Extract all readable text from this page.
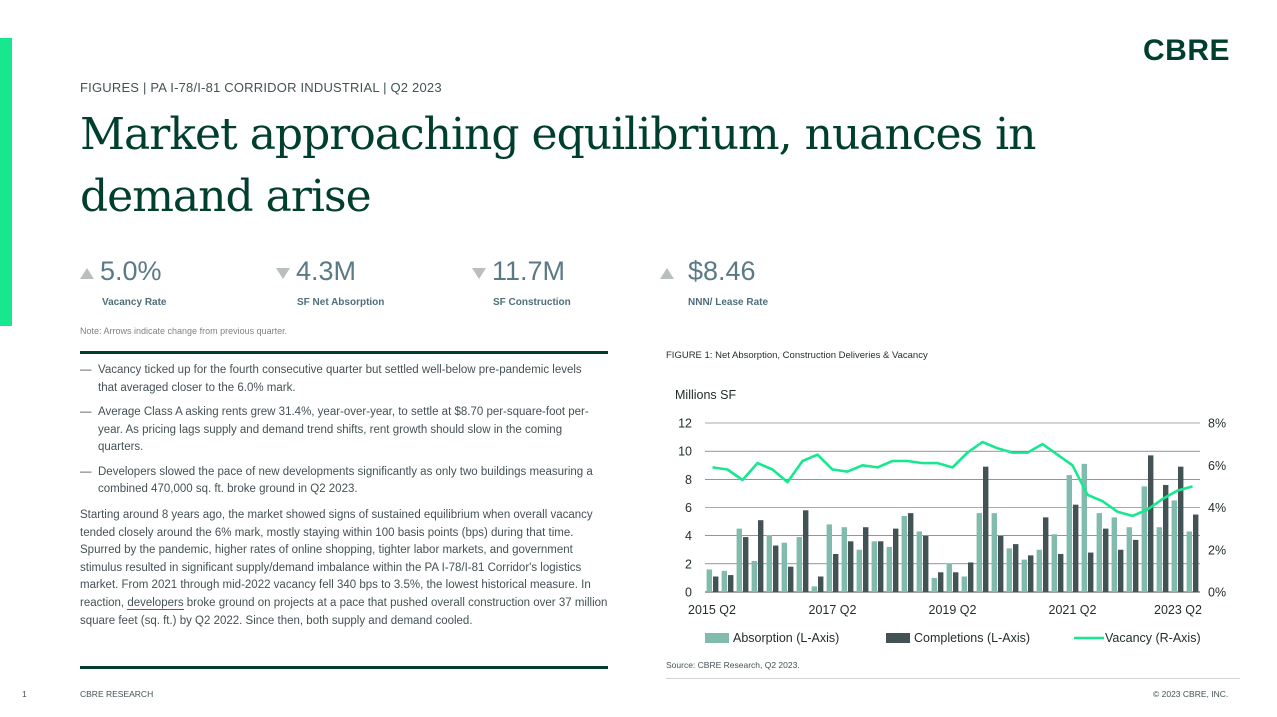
CBRE
FIGURES | PA I-78/I-81 CORRIDOR INDUSTRIAL | Q2 2023
Market approaching equilibrium, nuances in demand arise
5.0%
Vacancy Rate
4.3M
SF Net Absorption
11.7M
SF Construction
$8.46
NNN/ Lease Rate
Note: Arrows indicate change from previous quarter.
— Vacancy ticked up for the fourth consecutive quarter but settled well-below pre-pandemic levels that averaged closer to the 6.0% mark.
— Average Class A asking rents grew 31.4%, year-over-year, to settle at $8.70 per-square-foot per-year. As pricing lags supply and demand trend shifts, rent growth should slow in the coming quarters.
— Developers slowed the pace of new developments significantly as only two buildings measuring a combined 470,000 sq. ft. broke ground in Q2 2023.

Starting around 8 years ago, the market showed signs of sustained equilibrium when overall vacancy tended closely around the 6% mark, mostly staying within 100 basis points (bps) during that time. Spurred by the pandemic, higher rates of online shopping, tighter labor markets, and government stimulus resulted in significant supply/demand imbalance within the PA I-78/I-81 Corridor's logistics market. From 2021 through mid-2022 vacancy fell 340 bps to 3.5%, the lowest historical measure. In reaction, developers broke ground on projects at a pace that pushed overall construction over 37 million square feet (sq. ft.) by Q2 2022. Since then, both supply and demand cooled.

FIGURE 1: Net Absorption, Construction Deliveries & Vacancy
Millions SF
0
2
4
6
8
10
12
0%
2%
4%
6%
8%
2015 Q2	2017 Q2	2019 Q2	2021 Q2	2023 Q2
Absorption (L-Axis)	Completions (L-Axis)	Vacancy (R-Axis)
Source: CBRE Research, Q2 2023.
1	CBRE RESEARCH	© 2023 CBRE, INC.
